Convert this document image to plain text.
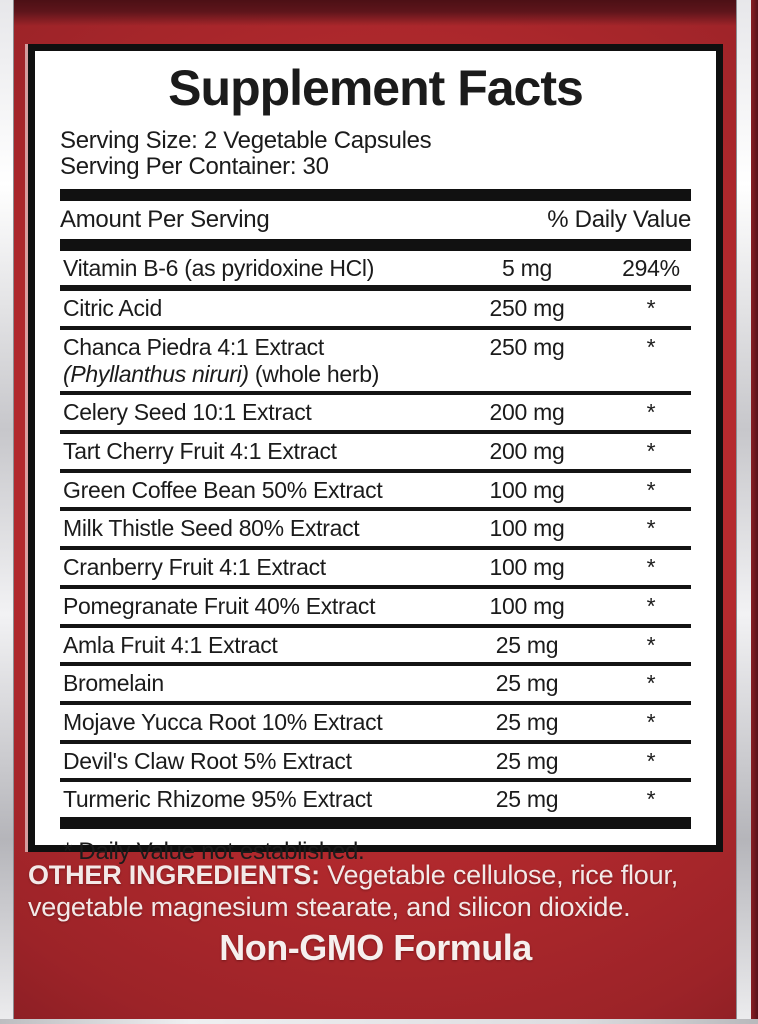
Supplement Facts
Serving Size: 2 Vegetable Capsules
Serving Per Container: 30
Amount Per Serving	% Daily Value
Vitamin B-6 (as pyridoxine HCl)	5 mg	294%
Citric Acid	250 mg	*
Chanca Piedra 4:1 Extract
(Phyllanthus niruri) (whole herb)
250 mg	*
Celery Seed 10:1 Extract	200 mg	*
Tart Cherry Fruit 4:1 Extract	200 mg	*
Green Coffee Bean 50% Extract	100 mg	*
Milk Thistle Seed 80% Extract	100 mg	*
Cranberry Fruit 4:1 Extract	100 mg	*
Pomegranate Fruit 40% Extract	100 mg	*
Amla Fruit 4:1 Extract	25 mg	*
Bromelain	25 mg	*
Mojave Yucca Root 10% Extract	25 mg	*
Devil's Claw Root 5% Extract	25 mg	*
Turmeric Rhizome 95% Extract	25 mg	*
* Daily Value not established.
OTHER INGREDIENTS: Vegetable cellulose, rice flour, vegetable magnesium stearate, and silicon dioxide.
Non-GMO Formula
